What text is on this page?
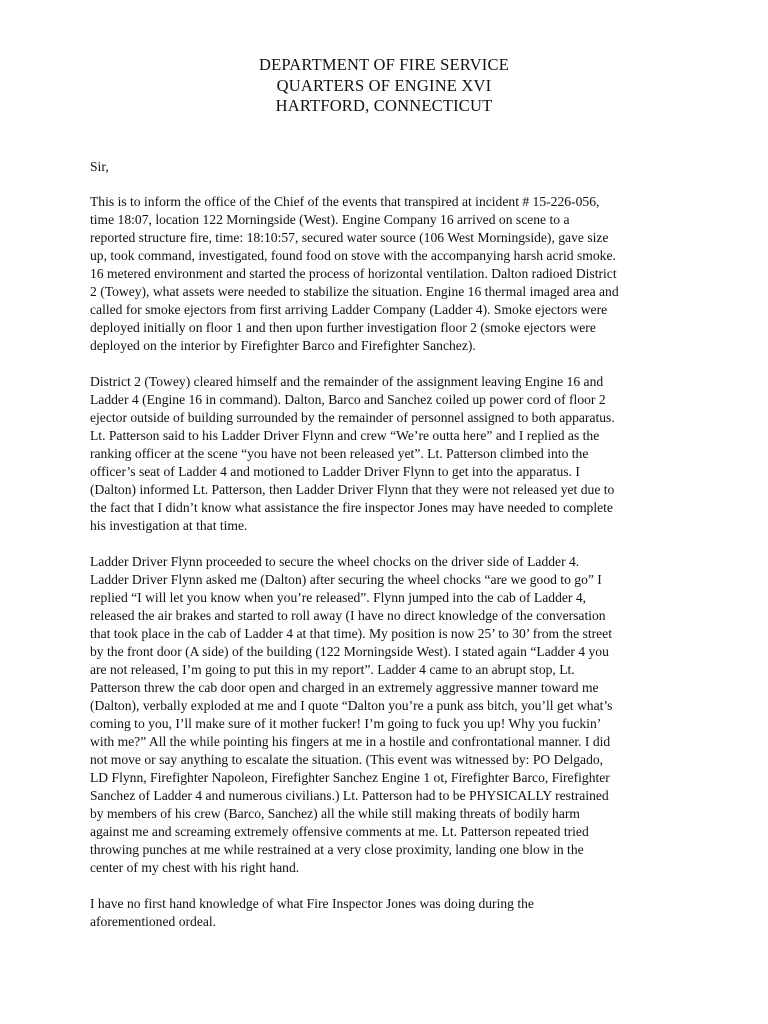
DEPARTMENT OF FIRE SERVICE
QUARTERS OF ENGINE XVI
HARTFORD, CONNECTICUT
Sir,
This is to inform the office of the Chief of the events that transpired at incident # 15-226-056,
time 18:07, location 122 Morningside (West). Engine Company 16 arrived on scene to a
reported structure fire, time: 18:10:57, secured water source (106 West Morningside), gave size
up, took command, investigated, found food on stove with the accompanying harsh acrid smoke.
16 metered environment and started the process of horizontal ventilation. Dalton radioed District
2 (Towey), what assets were needed to stabilize the situation. Engine 16 thermal imaged area and
called for smoke ejectors from first arriving Ladder Company (Ladder 4). Smoke ejectors were
deployed initially on floor 1 and then upon further investigation floor 2 (smoke ejectors were
deployed on the interior by Firefighter Barco and Firefighter Sanchez).
District 2 (Towey) cleared himself and the remainder of the assignment leaving Engine 16 and
Ladder 4 (Engine 16 in command). Dalton, Barco and Sanchez coiled up power cord of floor 2
ejector outside of building surrounded by the remainder of personnel assigned to both apparatus.
Lt. Patterson said to his Ladder Driver Flynn and crew “We’re outta here” and I replied as the
ranking officer at the scene “you have not been released yet”. Lt. Patterson climbed into the
officer’s seat of Ladder 4 and motioned to Ladder Driver Flynn to get into the apparatus. I
(Dalton) informed Lt. Patterson, then Ladder Driver Flynn that they were not released yet due to
the fact that I didn’t know what assistance the fire inspector Jones may have needed to complete
his investigation at that time.
Ladder Driver Flynn proceeded to secure the wheel chocks on the driver side of Ladder 4.
Ladder Driver Flynn asked me (Dalton) after securing the wheel chocks “are we good to go” I
replied “I will let you know when you’re released”. Flynn jumped into the cab of Ladder 4,
released the air brakes and started to roll away (I have no direct knowledge of the conversation
that took place in the cab of Ladder 4 at that time). My position is now 25’ to 30’ from the street
by the front door (A side) of the building (122 Morningside West). I stated again “Ladder 4 you
are not released, I’m going to put this in my report”. Ladder 4 came to an abrupt stop, Lt.
Patterson threw the cab door open and charged in an extremely aggressive manner toward me
(Dalton), verbally exploded at me and I quote “Dalton you’re a punk ass bitch, you’ll get what’s
coming to you, I’ll make sure of it mother fucker! I’m going to fuck you up! Why you fuckin’
with me?” All the while pointing his fingers at me in a hostile and confrontational manner. I did
not move or say anything to escalate the situation. (This event was witnessed by: PO Delgado,
LD Flynn, Firefighter Napoleon, Firefighter Sanchez Engine 1 ot, Firefighter Barco, Firefighter
Sanchez of Ladder 4 and numerous civilians.) Lt. Patterson had to be PHYSICALLY restrained
by members of his crew (Barco, Sanchez) all the while still making threats of bodily harm
against me and screaming extremely offensive comments at me. Lt. Patterson repeated tried
throwing punches at me while restrained at a very close proximity, landing one blow in the
center of my chest with his right hand.
I have no first hand knowledge of what Fire Inspector Jones was doing during the
aforementioned ordeal.
